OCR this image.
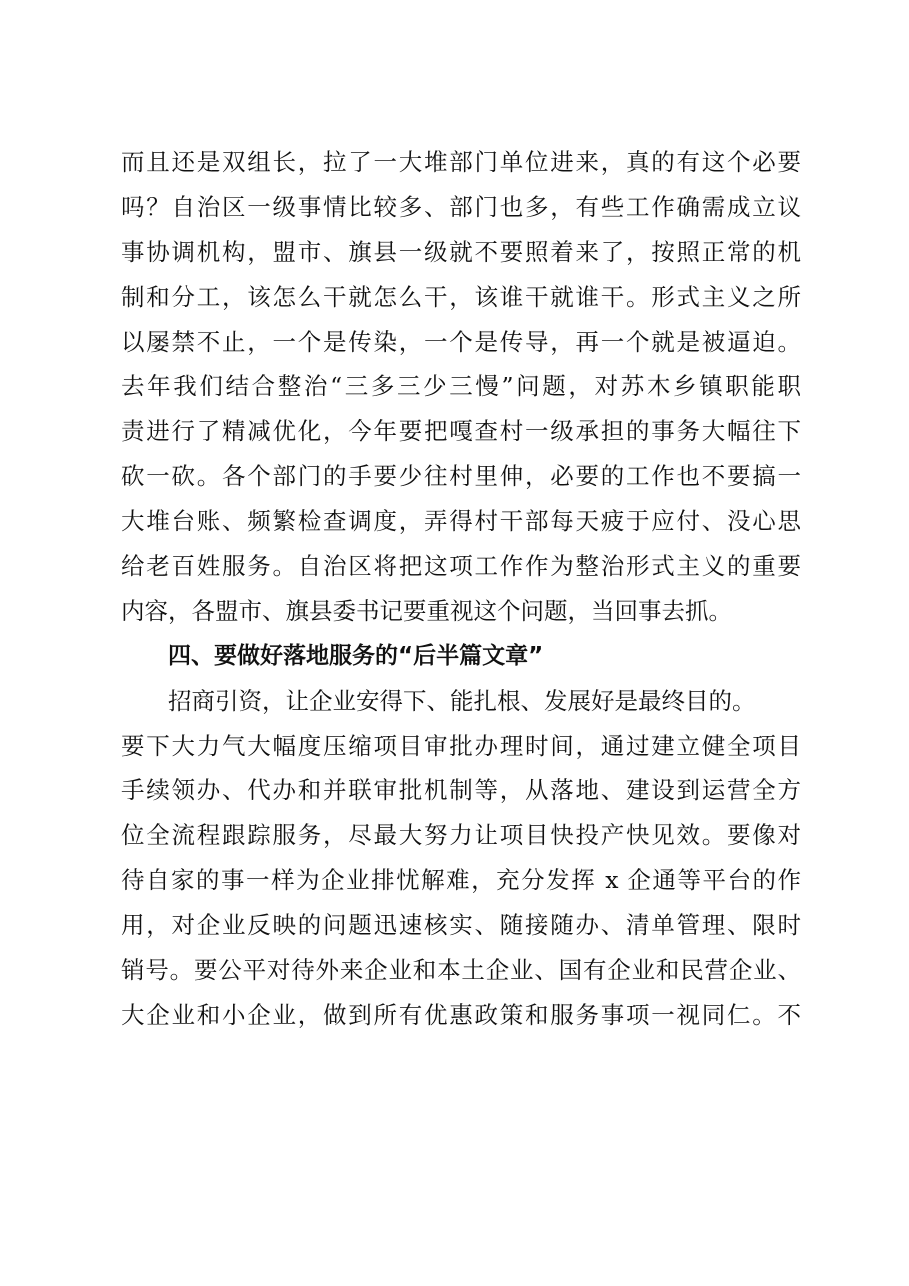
而且还是双组长，拉了一大堆部门单位进来，真的有这个必要
吗？自治区一级事情比较多、部门也多，有些工作确需成立议
事协调机构，盟市、旗县一级就不要照着来了，按照正常的机
制和分工，该怎么干就怎么干，该谁干就谁干。形式主义之所
以屡禁不止，一个是传染，一个是传导，再一个就是被逼迫。
去年我们结合整治“三多三少三慢”问题，对苏木乡镇职能职
责进行了精减优化，今年要把嘎查村一级承担的事务大幅往下
砍一砍。各个部门的手要少往村里伸，必要的工作也不要搞一
大堆台账、频繁检查调度，弄得村干部每天疲于应付、没心思
给老百姓服务。自治区将把这项工作作为整治形式主义的重要
内容，各盟市、旗县委书记要重视这个问题，当回事去抓。
四、要做好落地服务的“后半篇文章”
招商引资，让企业安得下、能扎根、发展好是最终目的。
要下大力气大幅度压缩项目审批办理时间，通过建立健全项目
手续领办、代办和并联审批机制等，从落地、建设到运营全方
位全流程跟踪服务，尽最大努力让项目快投产快见效。要像对
待自家的事一样为企业排忧解难，充分发挥 x 企通等平台的作
用，对企业反映的问题迅速核实、随接随办、清单管理、限时
销号。要公平对待外来企业和本土企业、国有企业和民营企业、
大企业和小企业，做到所有优惠政策和服务事项一视同仁。不
